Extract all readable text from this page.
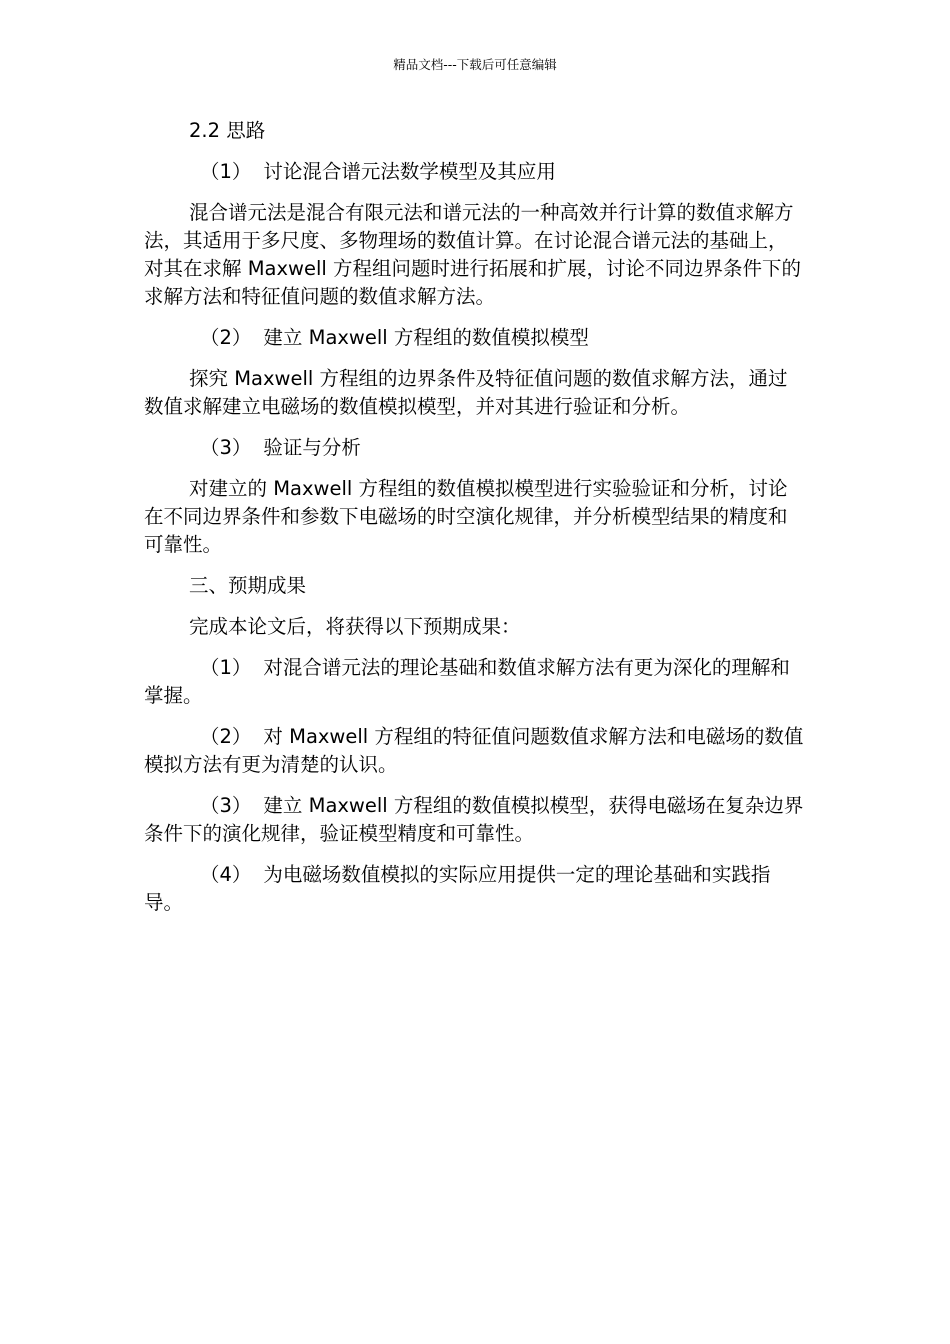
精品文档---下载后可任意编辑

2.2 思路

（1） 讨论混合谱元法数学模型及其应用

混合谱元法是混合有限元法和谱元法的一种高效并行计算的数值求解方法，其适用于多尺度、多物理场的数值计算。在讨论混合谱元法的基础上，对其在求解 Maxwell 方程组问题时进行拓展和扩展，讨论不同边界条件下的求解方法和特征值问题的数值求解方法。

（2） 建立 Maxwell 方程组的数值模拟模型

探究 Maxwell 方程组的边界条件及特征值问题的数值求解方法，通过数值求解建立电磁场的数值模拟模型，并对其进行验证和分析。

（3） 验证与分析

对建立的 Maxwell 方程组的数值模拟模型进行实验验证和分析，讨论在不同边界条件和参数下电磁场的时空演化规律，并分析模型结果的精度和可靠性。

三、预期成果

完成本论文后，将获得以下预期成果：

（1） 对混合谱元法的理论基础和数值求解方法有更为深化的理解和掌握。

（2） 对 Maxwell 方程组的特征值问题数值求解方法和电磁场的数值模拟方法有更为清楚的认识。

（3） 建立 Maxwell 方程组的数值模拟模型，获得电磁场在复杂边界条件下的演化规律，验证模型精度和可靠性。

（4） 为电磁场数值模拟的实际应用提供一定的理论基础和实践指导。
